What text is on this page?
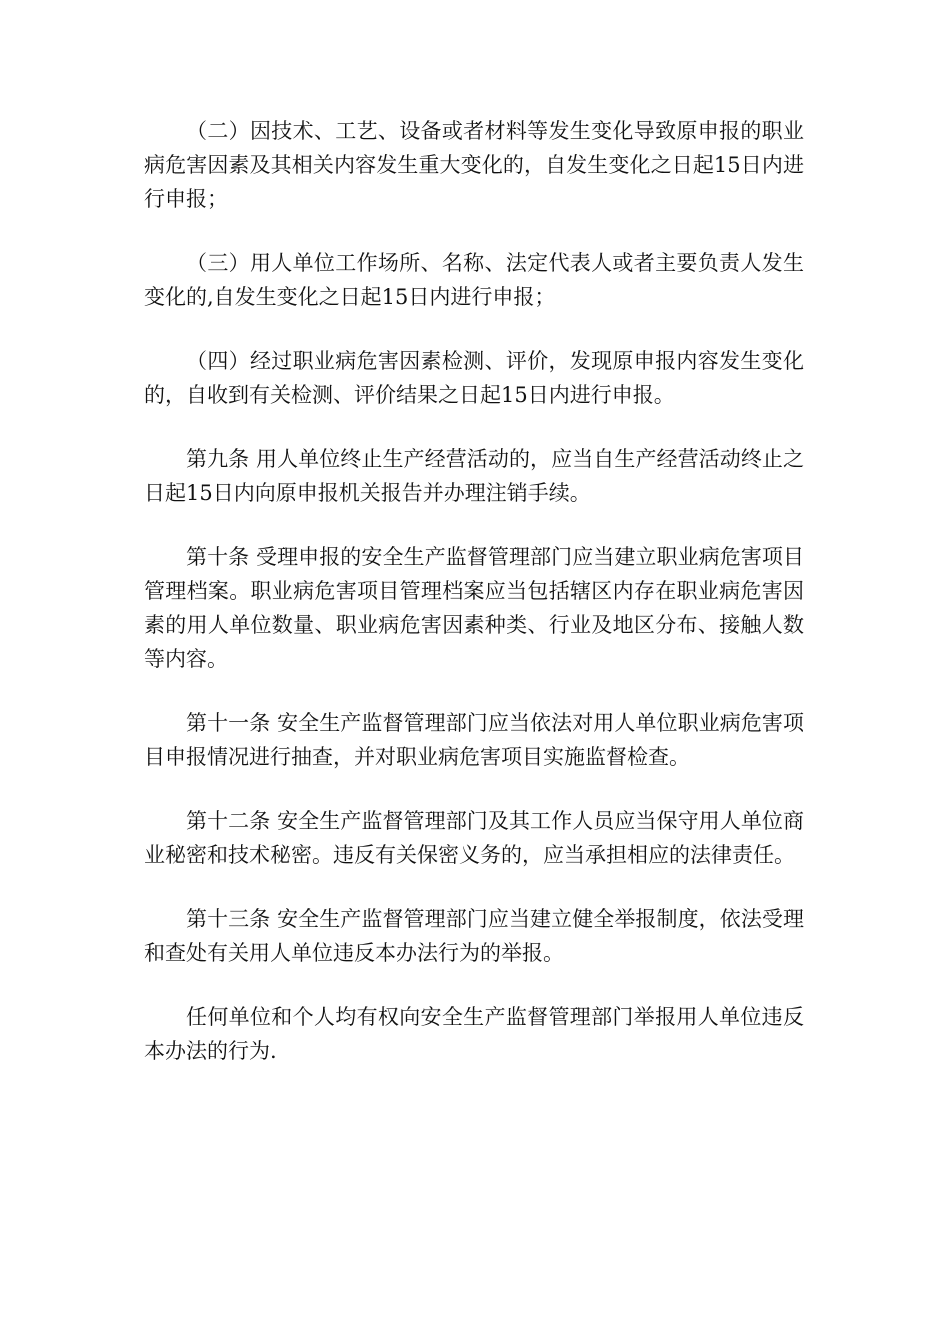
（二）因技术、工艺、设备或者材料等发生变化导致原申报的职业病危害因素及其相关内容发生重大变化的，自发生变化之日起15日内进行申报；

（三）用人单位工作场所、名称、法定代表人或者主要负责人发生变化的,自发生变化之日起15日内进行申报；

（四）经过职业病危害因素检测、评价，发现原申报内容发生变化的，自收到有关检测、评价结果之日起15日内进行申报。

第九条 用人单位终止生产经营活动的，应当自生产经营活动终止之日起15日内向原申报机关报告并办理注销手续。

第十条 受理申报的安全生产监督管理部门应当建立职业病危害项目管理档案。职业病危害项目管理档案应当包括辖区内存在职业病危害因素的用人单位数量、职业病危害因素种类、行业及地区分布、接触人数等内容。

第十一条 安全生产监督管理部门应当依法对用人单位职业病危害项目申报情况进行抽查，并对职业病危害项目实施监督检查。

第十二条 安全生产监督管理部门及其工作人员应当保守用人单位商业秘密和技术秘密。违反有关保密义务的，应当承担相应的法律责任。

第十三条 安全生产监督管理部门应当建立健全举报制度，依法受理和查处有关用人单位违反本办法行为的举报。

任何单位和个人均有权向安全生产监督管理部门举报用人单位违反本办法的行为.
